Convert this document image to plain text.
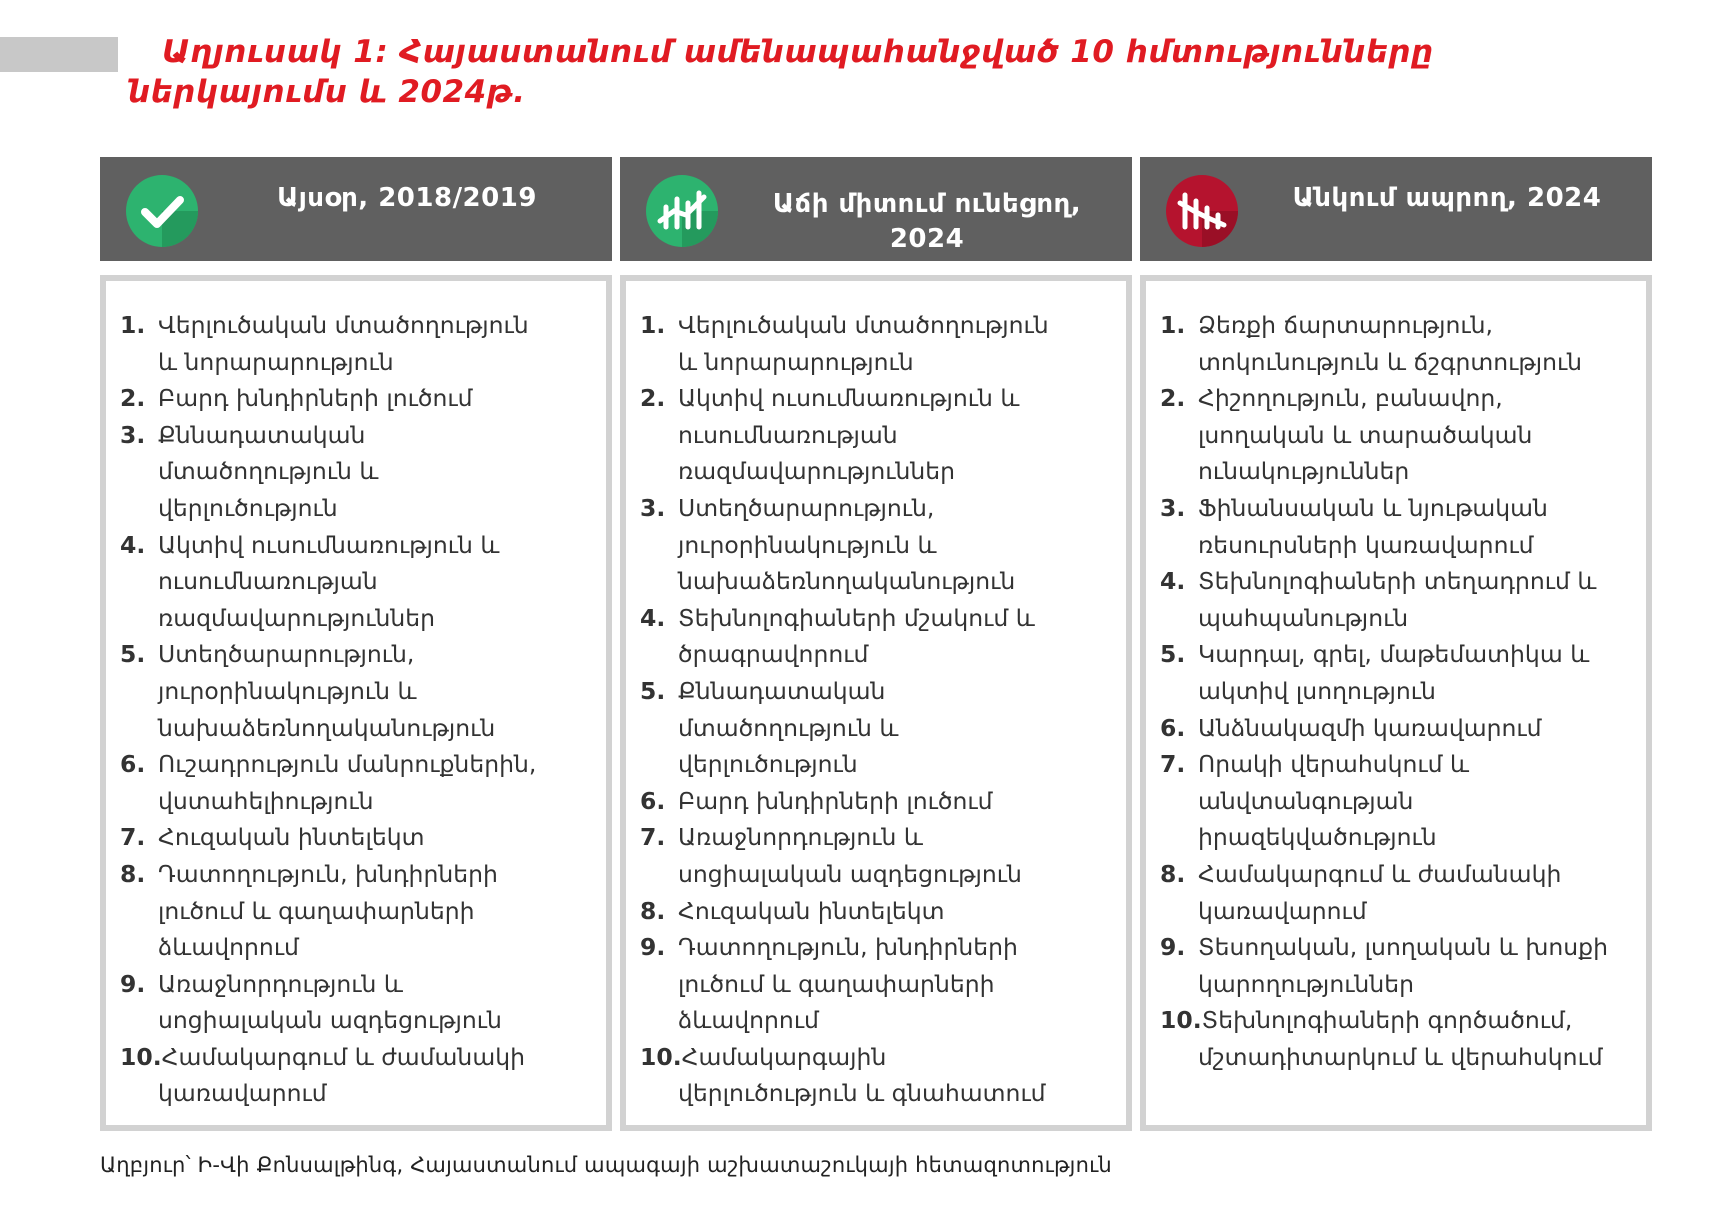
Աղյուսակ 1: Հայաստանում ամենապահանջված 10 հմտությունները
ներկայումս և 2024թ.
Այսօր, 2018/2019
1. Վերլուծական մտածողություն
և նորարարություն
2. Բարդ խնդիրների լուծում
3. Քննադատական
մտածողություն և
վերլուծություն
4. Ակտիվ ուսումնառություն և
ուսումնառության
ռազմավարություններ
5. Ստեղծարարություն,
յուրօրինակություն և
նախաձեռնողականություն
6. Ուշադրություն մանրուքներին,
վստահելիություն
7. Հուզական ինտելեկտ
8. Դատողություն, խնդիրների
լուծում և գաղափարների
ձևավորում
9. Առաջնորդություն և
սոցիալական ազդեցություն
10.Համակարգում և ժամանակի
կառավարում
Աճի միտում ունեցող, 2024
1. Վերլուծական մտածողություն
և նորարարություն
2. Ակտիվ ուսումնառություն և
ուսումնառության
ռազմավարություններ
3. Ստեղծարարություն,
յուրօրինակություն և
նախաձեռնողականություն
4. Տեխնոլոգիաների մշակում և
ծրագրավորում
5. Քննադատական
մտածողություն և
վերլուծություն
6. Բարդ խնդիրների լուծում
7. Առաջնորդություն և
սոցիալական ազդեցություն
8. Հուզական ինտելեկտ
9. Դատողություն, խնդիրների
լուծում և գաղափարների
ձևավորում
10.Համակարգային
վերլուծություն և գնահատում
Անկում ապրող, 2024
1. Ձեռքի ճարտարություն,
տոկունություն և ճշգրտություն
2. Հիշողություն, բանավոր,
լսողական և տարածական
ունակություններ
3. Ֆինանսական և նյութական
ռեսուրսների կառավարում
4. Տեխնոլոգիաների տեղադրում և
պահպանություն
5. Կարդալ, գրել, մաթեմատիկա և
ակտիվ լսողություն
6. Անձնակազմի կառավարում
7. Որակի վերահսկում և
անվտանգության
իրազեկվածություն
8. Համակարգում և ժամանակի
կառավարում
9. Տեսողական, լսողական և խոսքի
կարողություններ
10.Տեխնոլոգիաների գործածում,
մշտադիտարկում և վերահսկում

Աղբյուր՝ Ի-Վի Քոնսալթինգ, Հայաստանում ապագայի աշխատաշուկայի հետազոտություն
